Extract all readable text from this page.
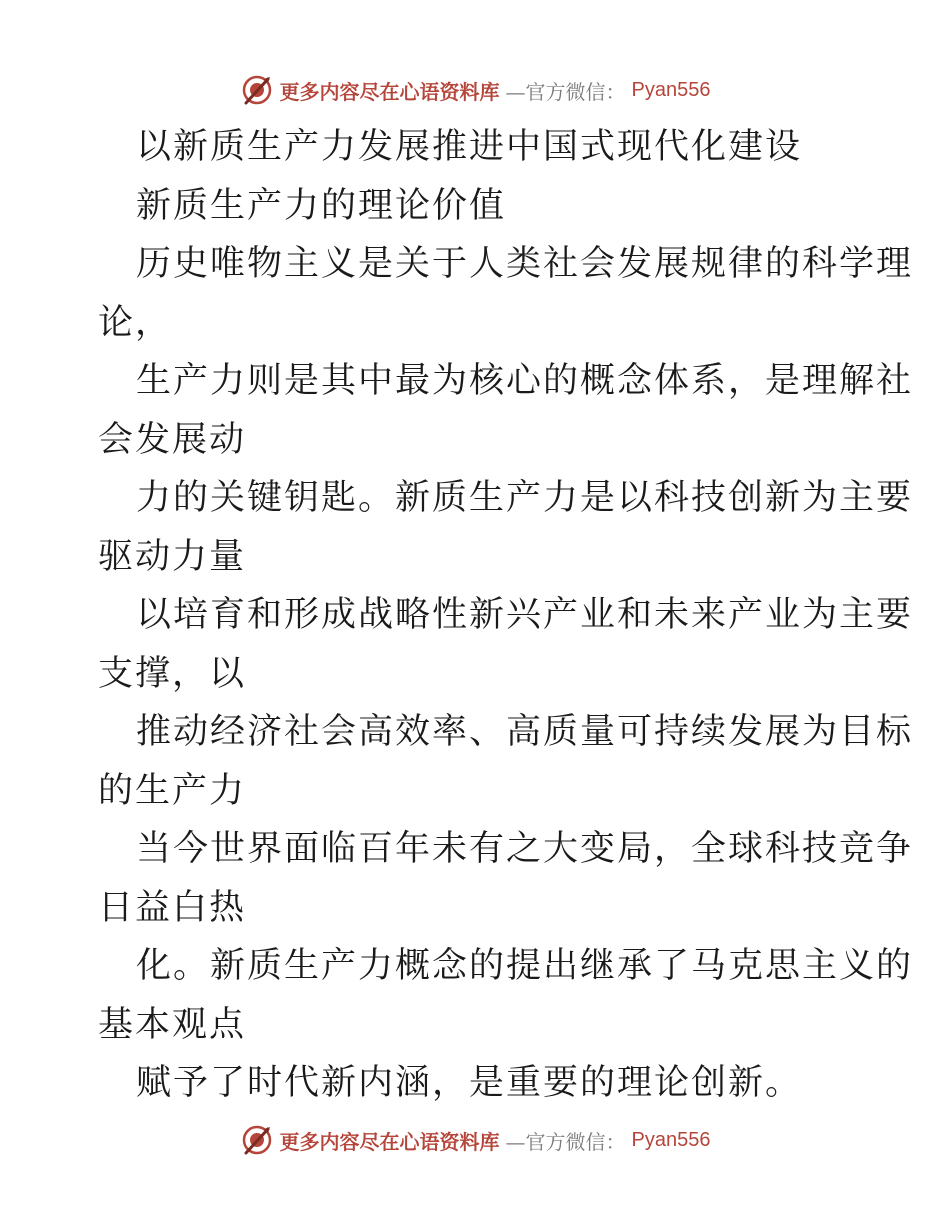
更多内容尽在心语资料库 —官方微信： Pyan556
以新质生产力发展推进中国式现代化建设
新质生产力的理论价值
历史唯物主义是关于人类社会发展规律的科学理
论，
生产力则是其中最为核心的概念体系，是理解社
会发展动
力的关键钥匙。新质生产力是以科技创新为主要
驱动力量
以培育和形成战略性新兴产业和未来产业为主要
支撑，以
推动经济社会高效率、高质量可持续发展为目标
的生产力
当今世界面临百年未有之大变局，全球科技竞争
日益白热
化。新质生产力概念的提出继承了马克思主义的
基本观点
赋予了时代新内涵，是重要的理论创新。
更多内容尽在心语资料库 —官方微信： Pyan556
